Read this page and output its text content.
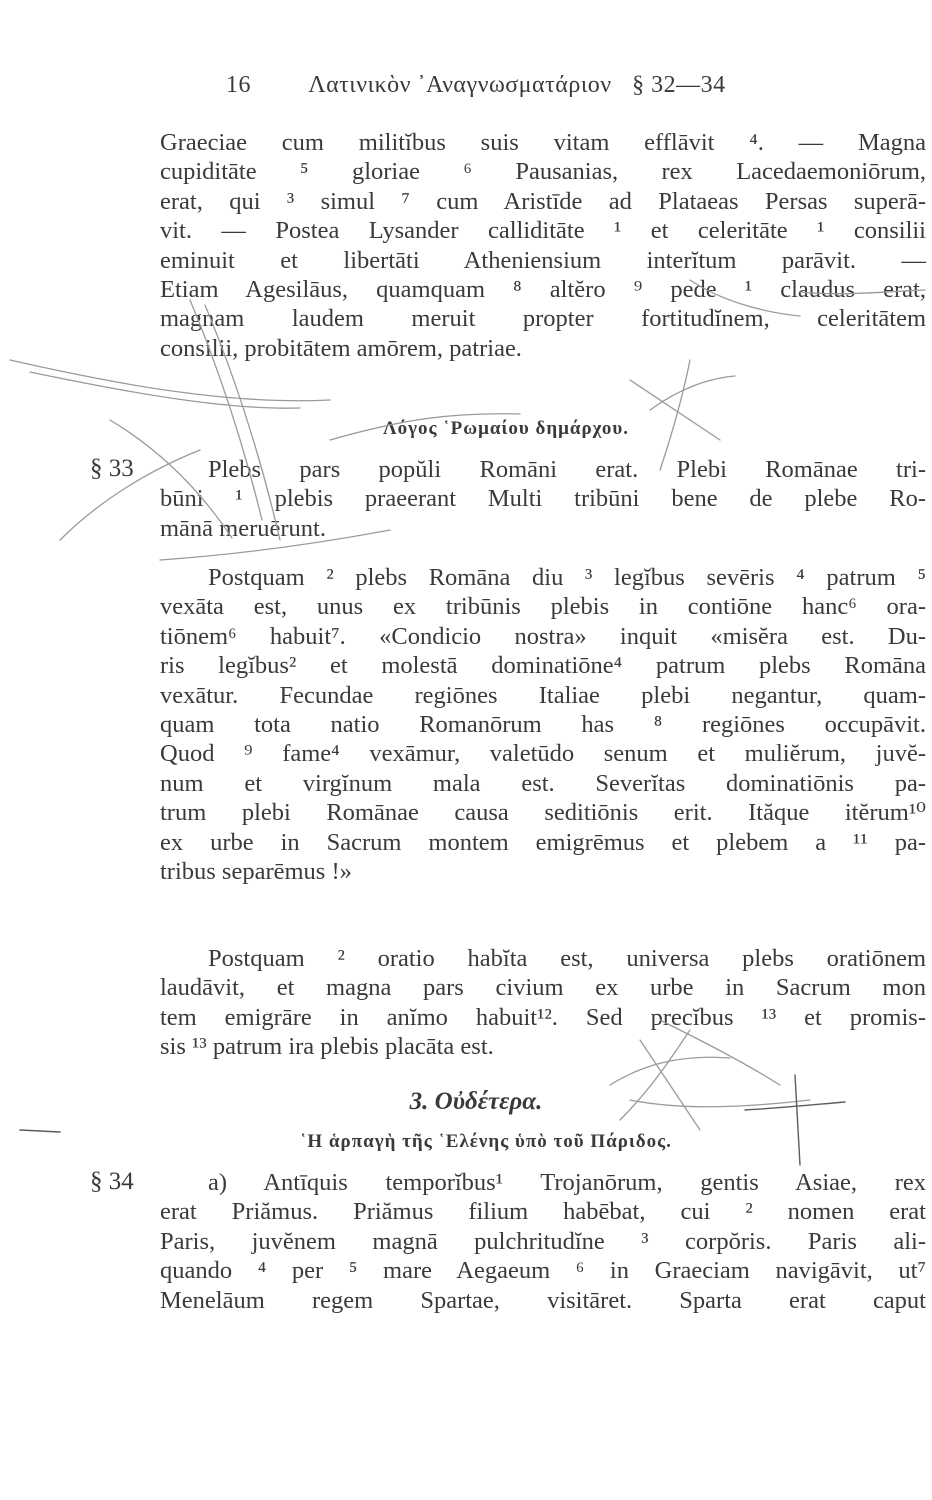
16 Λατινικὸν ᾿Αναγνωσματάριον § 32—34
Graeciae cum militĭbus suis vitam efflāvit ⁴. — Magna
cupiditāte ⁵ gloriae ⁶ Pausanias, rex Lacedaemoniōrum,
erat, qui ³ simul ⁷ cum Aristīde ad Plataeas Persas superā-
vit. — Postea Lysander calliditāte ¹ et celeritāte ¹ consilii
eminuit et libertāti Atheniensium interĭtum parāvit. —
Etiam Agesilāus, quamquam ⁸ altĕro ⁹ pede ¹ claudus erat,
magnam laudem meruit propter fortitudĭnem, celeritātem
consilii, probitātem amōrem, patriae.
Λόγος ῾Ρωμαίου δημάρχου.
§ 33	Plebs pars popŭli Romāni erat. Plebi Romānae tri-
būni ¹ plebis praeerant Multi tribūni bene de plebe Ro-
mānā meruērunt.
Postquam ² plebs Romāna diu ³ legĭbus sevēris ⁴ patrum ⁵
vexāta est, unus ex tribūnis plebis in contiōne hanc⁶ ora-
tiōnem⁶ habuit⁷. «Condicio nostra» inquit «misĕra est. Du-
ris legĭbus² et molestā dominatiōne⁴ patrum plebs Romāna
vexātur. Fecundae regiōnes Italiae plebi negantur, quam-
quam tota natio Romanōrum has ⁸ regiōnes occupāvit.
Quod ⁹ fame⁴ vexāmur, valetūdo senum et muliĕrum, juvĕ-
num et virgĭnum mala est. Severĭtas dominatiōnis pa-
trum plebi Romānae causa seditiōnis erit. Ităque itĕrum¹⁰
ex urbe in Sacrum montem emigrēmus et plebem a ¹¹ pa-
tribus separēmus !»
Postquam ² oratio habĭta est, universa plebs oratiōnem
laudāvit, et magna pars civium ex urbe in Sacrum mon
tem emigrāre in anĭmo habuit¹². Sed precĭbus ¹³ et promis-
sis ¹³ patrum ira plebis placāta est.
3. Οὐδέτερα.
῾Η ἁρπαγὴ τῆς ῾Ελένης ὑπὸ τοῦ Πάριδος.
§ 34	a) Antīquis temporĭbus¹ Trojanōrum, gentis Asiae, rex
erat Priămus. Priămus filium habēbat, cui ² nomen erat
Paris, juvĕnem magnā pulchritudĭne ³ corpŏris. Paris ali-
quando ⁴ per ⁵ mare Aegaeum ⁶ in Graeciam navigāvit, ut⁷
Menelāum regem Spartae, visitāret. Sparta erat caput
